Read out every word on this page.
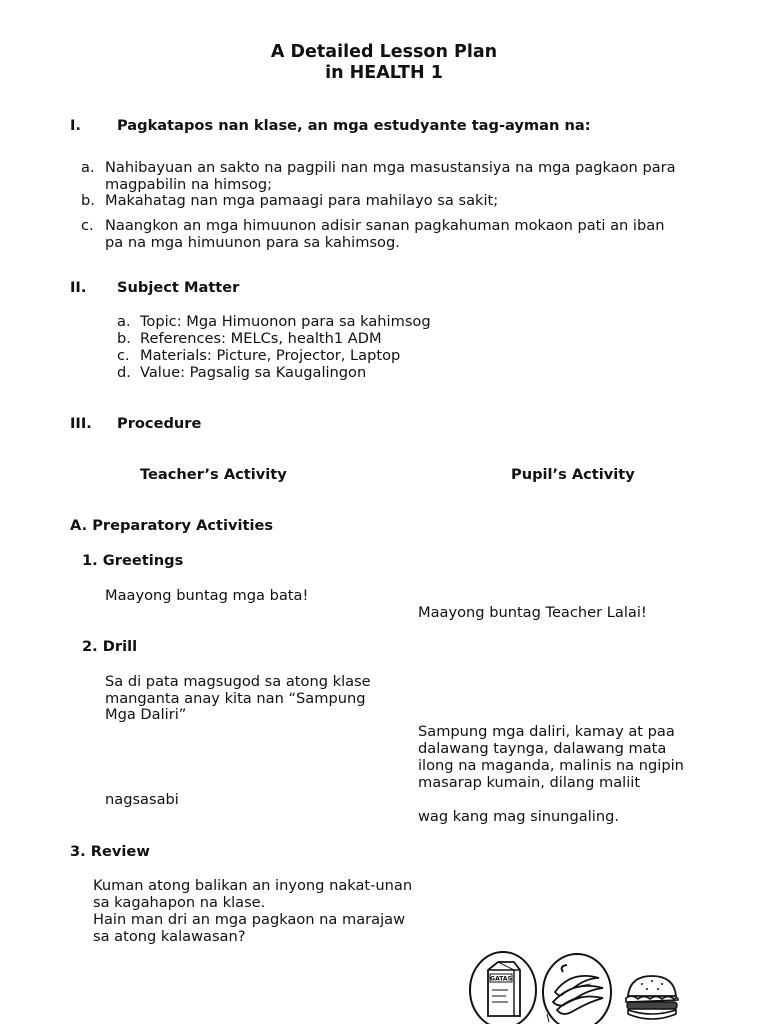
A Detailed Lesson Plan
in HEALTH 1
I. Pagkatapos nan klase, an mga estudyante tag-ayman na:
a. Nahibayuan an sakto na pagpili nan mga masustansiya na mga pagkaon para
magpabilin na himsog;
b. Makahatag nan mga pamaagi para mahilayo sa sakit;
c. Naangkon an mga himuunon adisir sanan pagkahuman mokaon pati an iban
pa na mga himuunon para sa kahimsog.
II. Subject Matter
a. Topic: Mga Himuonon para sa kahimsog
b. References: MELCs, health1 ADM
c. Materials: Picture, Projector, Laptop
d. Value: Pagsalig sa Kaugalingon
III. Procedure
Teacher’s Activity	Pupil’s Activity
A. Preparatory Activities
1. Greetings
Maayong buntag mga bata!
Maayong buntag Teacher Lalai!
2. Drill
Sa di pata magsugod sa atong klase
manganta anay kita nan “Sampung
Mga Daliri”
Sampung mga daliri, kamay at paa
dalawang taynga, dalawang mata
ilong na maganda, malinis na ngipin
masarap kumain, dilang maliit
nagsasabi
wag kang mag sinungaling.
3. Review
Kuman atong balikan an inyong nakat-unan
sa kagahapon na klase.
Hain man dri an mga pagkaon na marajaw
sa atong kalawasan?
GATAS
